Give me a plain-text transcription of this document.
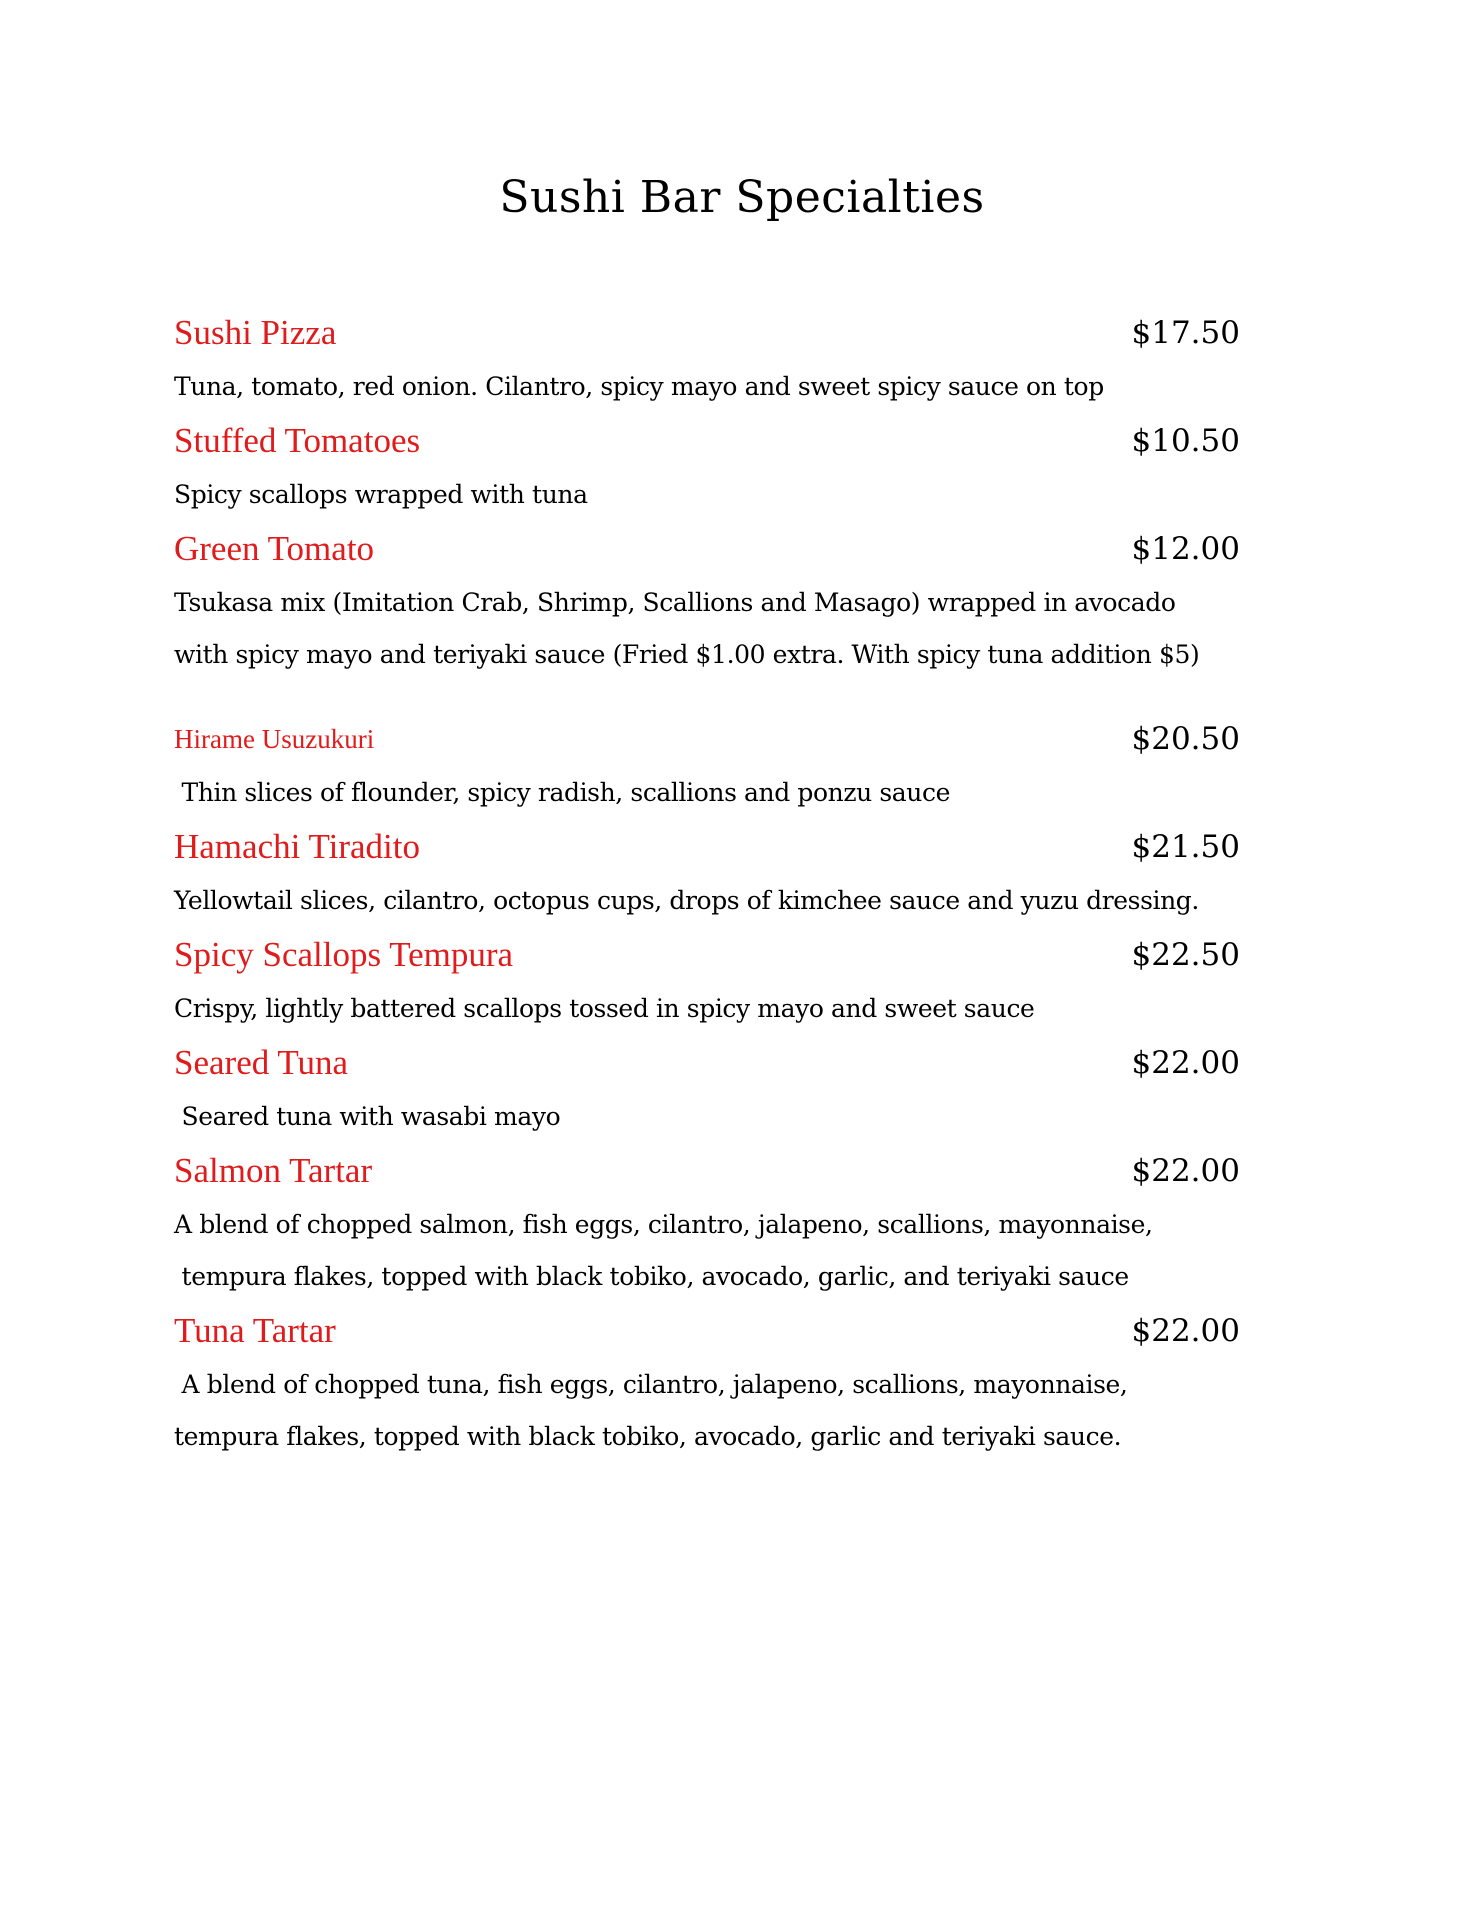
Sushi Bar Specialties
Sushi Pizza	$17.50
Tuna, tomato, red onion. Cilantro, spicy mayo and sweet spicy sauce on top
Stuffed Tomatoes	$10.50
Spicy scallops wrapped with tuna
Green Tomato	$12.00
Tsukasa mix (Imitation Crab, Shrimp, Scallions and Masago) wrapped in avocado
with spicy mayo and teriyaki sauce (Fried $1.00 extra. With spicy tuna addition $5)
Hirame Usuzukuri	$20.50
Thin slices of flounder, spicy radish, scallions and ponzu sauce
Hamachi Tiradito	$21.50
Yellowtail slices, cilantro, octopus cups, drops of kimchee sauce and yuzu dressing.
Spicy Scallops Tempura	$22.50
Crispy, lightly battered scallops tossed in spicy mayo and sweet sauce
Seared Tuna	$22.00
Seared tuna with wasabi mayo
Salmon Tartar	$22.00
A blend of chopped salmon, fish eggs, cilantro, jalapeno, scallions, mayonnaise,
tempura flakes, topped with black tobiko, avocado, garlic, and teriyaki sauce
Tuna Tartar	$22.00
A blend of chopped tuna, fish eggs, cilantro, jalapeno, scallions, mayonnaise,
tempura flakes, topped with black tobiko, avocado, garlic and teriyaki sauce.
